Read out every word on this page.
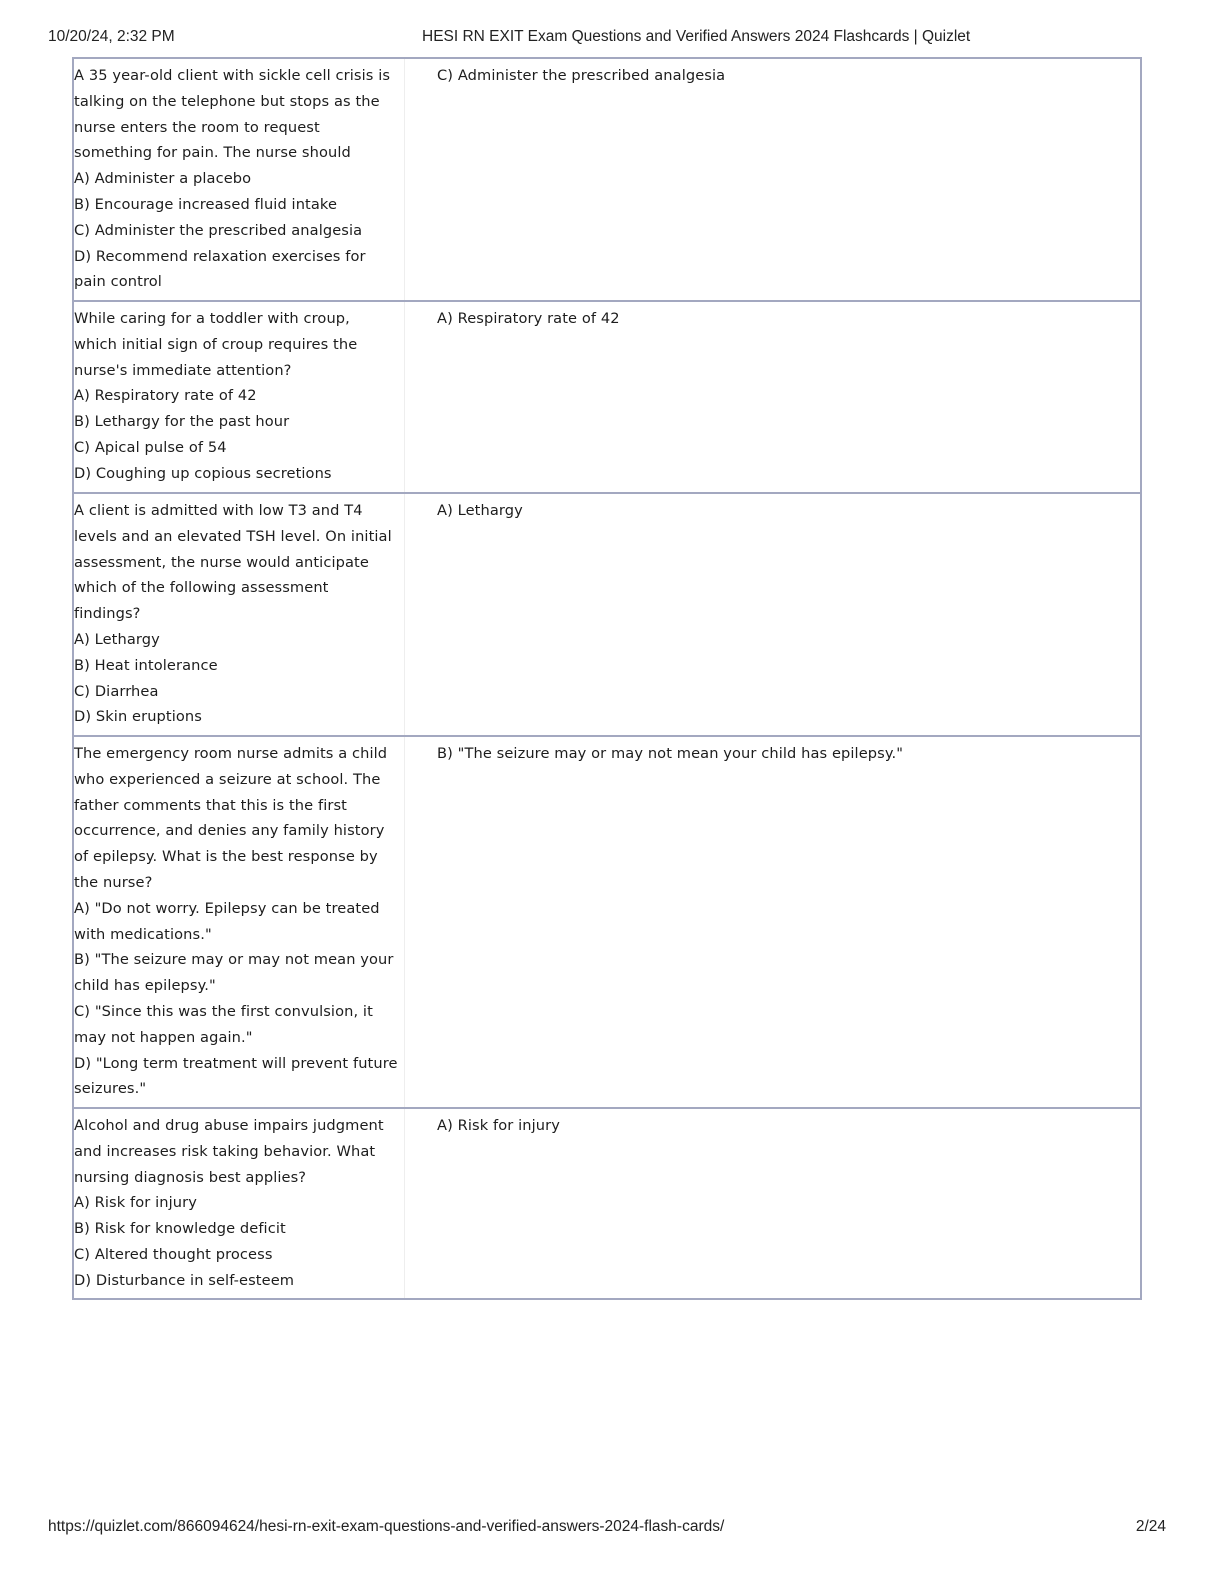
10/20/24, 2:32 PM	HESI RN EXIT Exam Questions and Verified Answers 2024 Flashcards | Quizlet
A 35 year-old client with sickle cell crisis is
talking on the telephone but stops as the
nurse enters the room to request
something for pain. The nurse should
A) Administer a placebo
B) Encourage increased fluid intake
C) Administer the prescribed analgesia
D) Recommend relaxation exercises for
pain control
C) Administer the prescribed analgesia
While caring for a toddler with croup,
which initial sign of croup requires the
nurse's immediate attention?
A) Respiratory rate of 42
B) Lethargy for the past hour
C) Apical pulse of 54
D) Coughing up copious secretions
A) Respiratory rate of 42
A client is admitted with low T3 and T4
levels and an elevated TSH level. On initial
assessment, the nurse would anticipate
which of the following assessment
findings?
A) Lethargy
B) Heat intolerance
C) Diarrhea
D) Skin eruptions
A) Lethargy
The emergency room nurse admits a child
who experienced a seizure at school. The
father comments that this is the first
occurrence, and denies any family history
of epilepsy. What is the best response by
the nurse?
A) "Do not worry. Epilepsy can be treated
with medications."
B) "The seizure may or may not mean your
child has epilepsy."
C) "Since this was the first convulsion, it
may not happen again."
D) "Long term treatment will prevent future
seizures."
B) "The seizure may or may not mean your child has epilepsy."
Alcohol and drug abuse impairs judgment
and increases risk taking behavior. What
nursing diagnosis best applies?
A) Risk for injury
B) Risk for knowledge deficit
C) Altered thought process
D) Disturbance in self-esteem
A) Risk for injury
https://quizlet.com/866094624/hesi-rn-exit-exam-questions-and-verified-answers-2024-flash-cards/	2/24
